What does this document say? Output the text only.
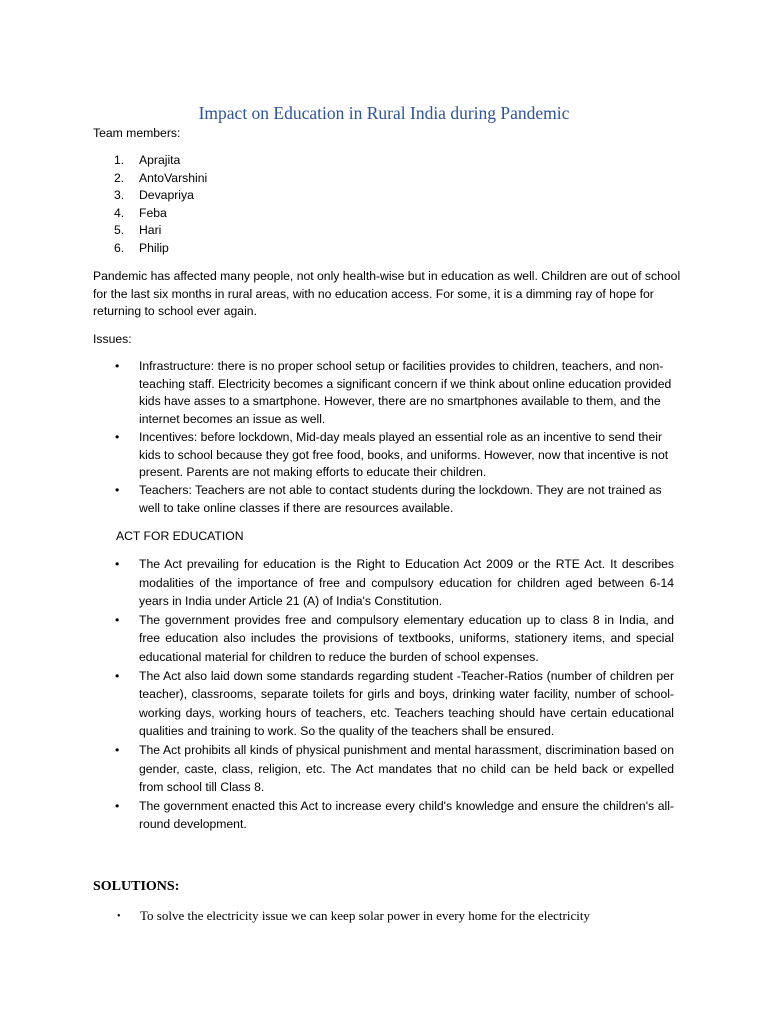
Impact on Education in Rural India during Pandemic

Team members:

1. Aprajita
2. AntoVarshini
3. Devapriya
4. Feba
5. Hari
6. Philip

Pandemic has affected many people, not only health-wise but in education as well. Children are out of school for the last six months in rural areas, with no education access. For some, it is a dimming ray of hope for returning to school ever again.

Issues:

• Infrastructure: there is no proper school setup or facilities provides to children, teachers, and non-teaching staff. Electricity becomes a significant concern if we think about online education provided kids have asses to a smartphone. However, there are no smartphones available to them, and the internet becomes an issue as well.
• Incentives: before lockdown, Mid-day meals played an essential role as an incentive to send their kids to school because they got free food, books, and uniforms. However, now that incentive is not present. Parents are not making efforts to educate their children.
• Teachers: Teachers are not able to contact students during the lockdown. They are not trained as well to take online classes if there are resources available.

ACT FOR EDUCATION

• The Act prevailing for education is the Right to Education Act 2009 or the RTE Act. It describes modalities of the importance of free and compulsory education for children aged between 6-14 years in India under Article 21 (A) of India's Constitution.
• The government provides free and compulsory elementary education up to class 8 in India, and free education also includes the provisions of textbooks, uniforms, stationery items, and special educational material for children to reduce the burden of school expenses.
• The Act also laid down some standards regarding student -Teacher-Ratios (number of children per teacher), classrooms, separate toilets for girls and boys, drinking water facility, number of school-working days, working hours of teachers, etc. Teachers teaching should have certain educational qualities and training to work. So the quality of the teachers shall be ensured.
• The Act prohibits all kinds of physical punishment and mental harassment, discrimination based on gender, caste, class, religion, etc. The Act mandates that no child can be held back or expelled from school till Class 8.
• The government enacted this Act to increase every child's knowledge and ensure the children's all-round development.

SOLUTIONS:

• To solve the electricity issue we can keep solar power in every home for the electricity
